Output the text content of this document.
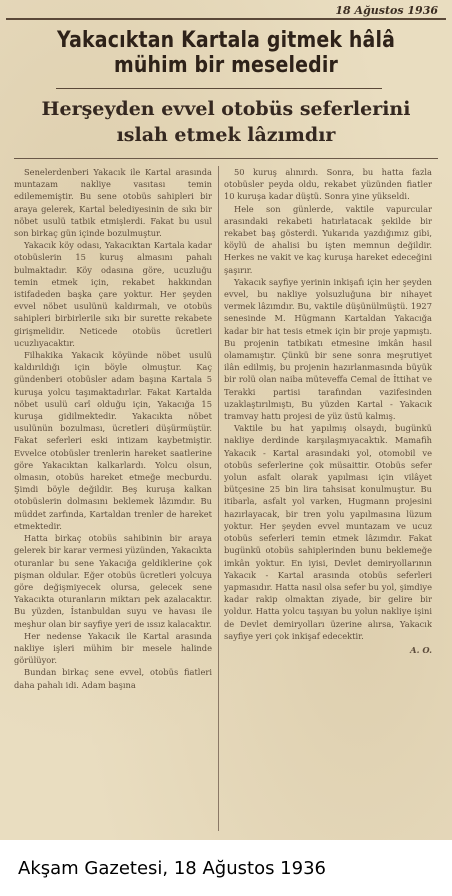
18 Ağustos 1936
Yakacıktan Kartala gitmek hâlâ
mühim bir meseledir
Herşeyden evvel otobüs seferlerini
ıslah etmek lâzımdır

Senelerdenberi Yakacık ile Kartal arasında muntazam nakliye vasıtası temin edilememiştir. Bu sene otobüs sahipleri bir araya gelerek, Kartal belediyesinin de sıkı bir nöbet usulü tatbik etmişlerdi. Fakat bu usul son birkaç gün içinde bozulmuştur.

Yakacık köy odası, Yakacıktan Kartala kadar otobüslerin 15 kuruş almasını pahalı bulmaktadır. Köy odasına göre, ucuzluğu temin etmek için, rekabet hakkından istifadeden başka çare yoktur. Her şeyden evvel nöbet usulünü kaldırmalı, ve otobüs sahipleri birbirlerile sıkı bir surette rekabete girişmelidir. Neticede otobüs ücretleri ucuzlıyacaktır.

Filhakika Yakacık köyünde nöbet usulü kaldırıldığı için böyle olmuştur. Kaç gündenberi otobüsler adam başına Kartala 5 kuruşa yolcu taşımaktadırlar. Fakat Kartalda nöbet usulü carî olduğu için, Yakacığa 15 kuruşa gidilmektedir. Yakacıkta nöbet usulünün bozulması, ücretleri düşürmüştür. Fakat seferleri eski intizam kaybetmiştir. Evvelce otobüsler trenlerin hareket saatlerine göre Yakacıktan kalkarlardı. Yolcu olsun, olmasın, otobüs hareket etmeğe mecburdu. Şimdi böyle değildir. Beş kuruşa kalkan otobüslerin dolmasını beklemek lâzımdır. Bu müddet zarfında, Kartaldan trenler de hareket etmektedir.

Hatta birkaç otobüs sahibinin bir araya gelerek bir karar vermesi yüzünden, Yakacıkta oturanlar bu sene Yakacığa geldiklerine çok pişman oldular. Eğer otobüs ücretleri yolcuya göre değişmiyecek olursa, gelecek sene Yakacıkta oturanların miktarı pek azalacaktır. Bu yüzden, İstanbuldan suyu ve havası ile meşhur olan bir sayfiye yeri de ıssız kalacaktır.

Her nedense Yakacık ile Kartal arasında nakliye işleri mühim bir mesele halinde görülüyor.

Bundan birkaç sene evvel, otobüs fiatleri daha pahalı idi. Adam başına

50 kuruş alınırdı. Sonra, bu hatta fazla otobüsler peyda oldu, rekabet yüzünden fiatler 10 kuruşa kadar düştü. Sonra yine yükseldi.

Hele son günlerde, vaktile vapurcular arasındaki rekabeti hatırlatacak şekilde bir rekabet baş gösterdi. Yukarıda yazdığımız gibi, köylü de ahalisi bu işten memnun değildir. Herkes ne vakit ve kaç kuruşa hareket edeceğini şaşırır.

Yakacık sayfiye yerinin inkişafı için her şeyden evvel, bu nakliye yolsuzluğuna bir nihayet vermek lâzımdır. Bu, vaktile düşünülmüştü. 1927 senesinde M. Hügmann Kartaldan Yakacığa kadar bir hat tesis etmek için bir proje yapmıştı. Bu projenin tatbikatı etmesine imkân hasıl olamamıştır. Çünkü bir sene sonra meşrutiyet ilân edilmiş, bu projenin hazırlanmasında büyük bir rolü olan naiba müteveffa Cemal de İttihat ve Terakki partisi tarafından vazifesinden uzaklaştırılmıştı, Bu yüzden Kartal - Yakacık tramvay hattı projesi de yüz üstü kalmış.

Vaktile bu hat yapılmış olsaydı, bugünkü nakliye derdinde karşılaşmıyacaktık. Mamafih Yakacık - Kartal arasındaki yol, otomobil ve otobüs seferlerine çok müsaittir. Otobüs sefer yolun asfalt olarak yapılması için vilâyet bütçesine 25 bin lira tahsisat konulmuştur. Bu itibarla, asfalt yol varken, Hugmann projesini hazırlayacak, bir tren yolu yapılmasına lüzum yoktur. Her şeyden evvel muntazam ve ucuz otobüs seferleri temin etmek lâzımdır. Fakat bugünkü otobüs sahiplerinden bunu beklemeğe imkân yoktur. En iyisi, Devlet demiryollarının Yakacık - Kartal arasında otobüs seferleri yapmasıdır. Hatta nasıl olsa sefer bu yol, şimdiye kadar rakip olmaktan ziyade, bir gelire bir yoldur. Hatta yolcu taşıyan bu yolun nakliye işini de Devlet demiryolları üzerine alırsa, Yakacık sayfiye yeri çok inkişaf edecektir.

A. O.
Akşam Gazetesi, 18 Ağustos 1936
